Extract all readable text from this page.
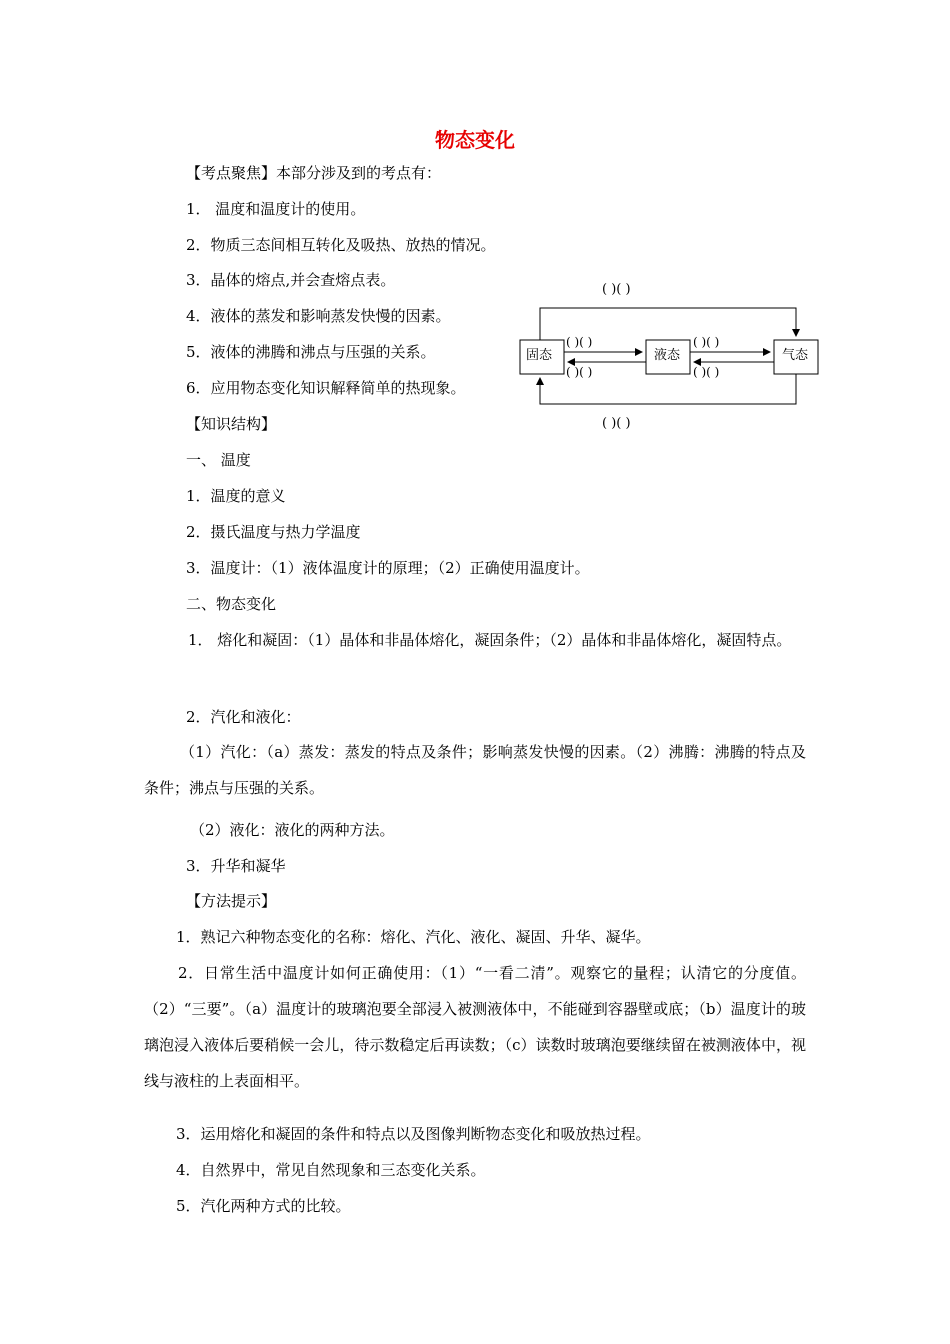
物态变化
【考点聚焦】本部分涉及到的考点有：
1． 温度和温度计的使用。
2．物质三态间相互转化及吸热、放热的情况。
3．晶体的熔点,并会查熔点表。
4．液体的蒸发和影响蒸发快慢的因素。
5．液体的沸腾和沸点与压强的关系。
6．应用物态变化知识解释简单的热现象。
固态	液态	气态
( )( )
( )( )
( )( )
( )( )
( )( )
( )( )
【知识结构】
一、 温度
1．温度的意义
2．摄氏温度与热力学温度
3．温度计：（1）液体温度计的原理；（2）正确使用温度计。
二、物态变化
1． 熔化和凝固：（1）晶体和非晶体熔化，凝固条件；（2）晶体和非晶体熔化，凝固特点。
2．汽化和液化：
（1）汽化：（a）蒸发：蒸发的特点及条件；影响蒸发快慢的因素。（2）沸腾：沸腾的特点及条件；沸点与压强的关系。
（2）液化：液化的两种方法。
3．升华和凝华
【方法提示】
1．熟记六种物态变化的名称：熔化、汽化、液化、凝固、升华、凝华。
2．日常生活中温度计如何正确使用：（1）“一看二清”。观察它的量程；认清它的分度值。（2）“三要”。（a）温度计的玻璃泡要全部浸入被测液体中，不能碰到容器壁或底；（b）温度计的玻璃泡浸入液体后要稍候一会儿，待示数稳定后再读数；（c）读数时玻璃泡要继续留在被测液体中，视线与液柱的上表面相平。
3．运用熔化和凝固的条件和特点以及图像判断物态变化和吸放热过程。
4．自然界中，常见自然现象和三态变化关系。
5．汽化两种方式的比较。
